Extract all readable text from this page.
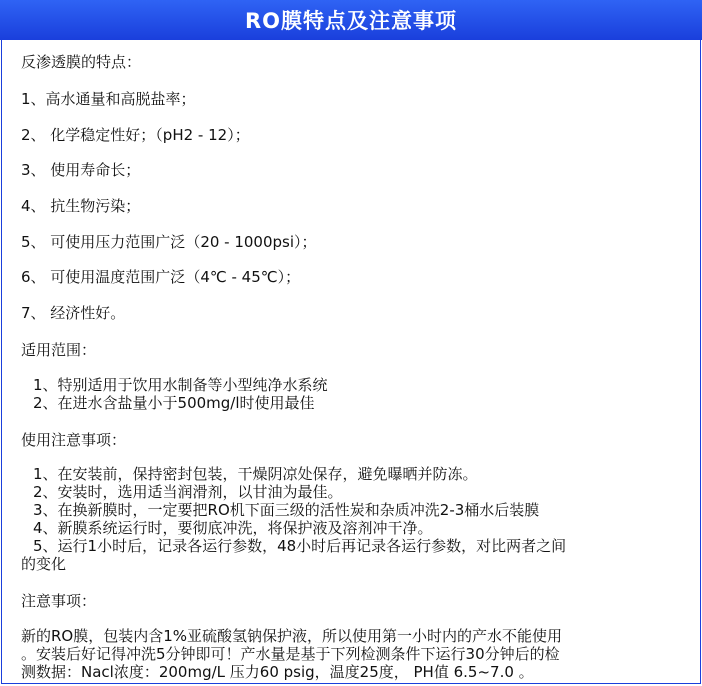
RO膜特点及注意事项
反渗透膜的特点：
1、高水通量和高脱盐率；
2、 化学稳定性好；（pH2 - 12）；
3、 使用寿命长；
4、 抗生物污染；
5、 可使用压力范围广泛（20 - 1000psi）；
6、 可使用温度范围广泛（4℃ - 45℃）；
7、 经济性好。
适用范围：
1、特别适用于饮用水制备等小型纯净水系统
2、在进水含盐量小于500mg/l时使用最佳
使用注意事项：
1、在安装前，保持密封包装，干燥阴凉处保存，避免曝晒并防冻。
2、安装时，选用适当润滑剂，以甘油为最佳。
3、在换新膜时，一定要把RO机下面三级的活性炭和杂质冲洗2-3桶水后装膜
4、新膜系统运行时，要彻底冲洗，将保护液及溶剂冲干净。
5、运行1小时后，记录各运行参数，48小时后再记录各运行参数，对比两者之间
的变化
注意事项：
新的RO膜，包装内含1%亚硫酸氢钠保护液，所以使用第一小时内的产水不能使用
。安装后好记得冲洗5分钟即可！产水量是基于下列检测条件下运行30分钟后的检
测数据：Nacl浓度：200mg/L 压力60 psig，温度25度， PH值 6.5~7.0 。
